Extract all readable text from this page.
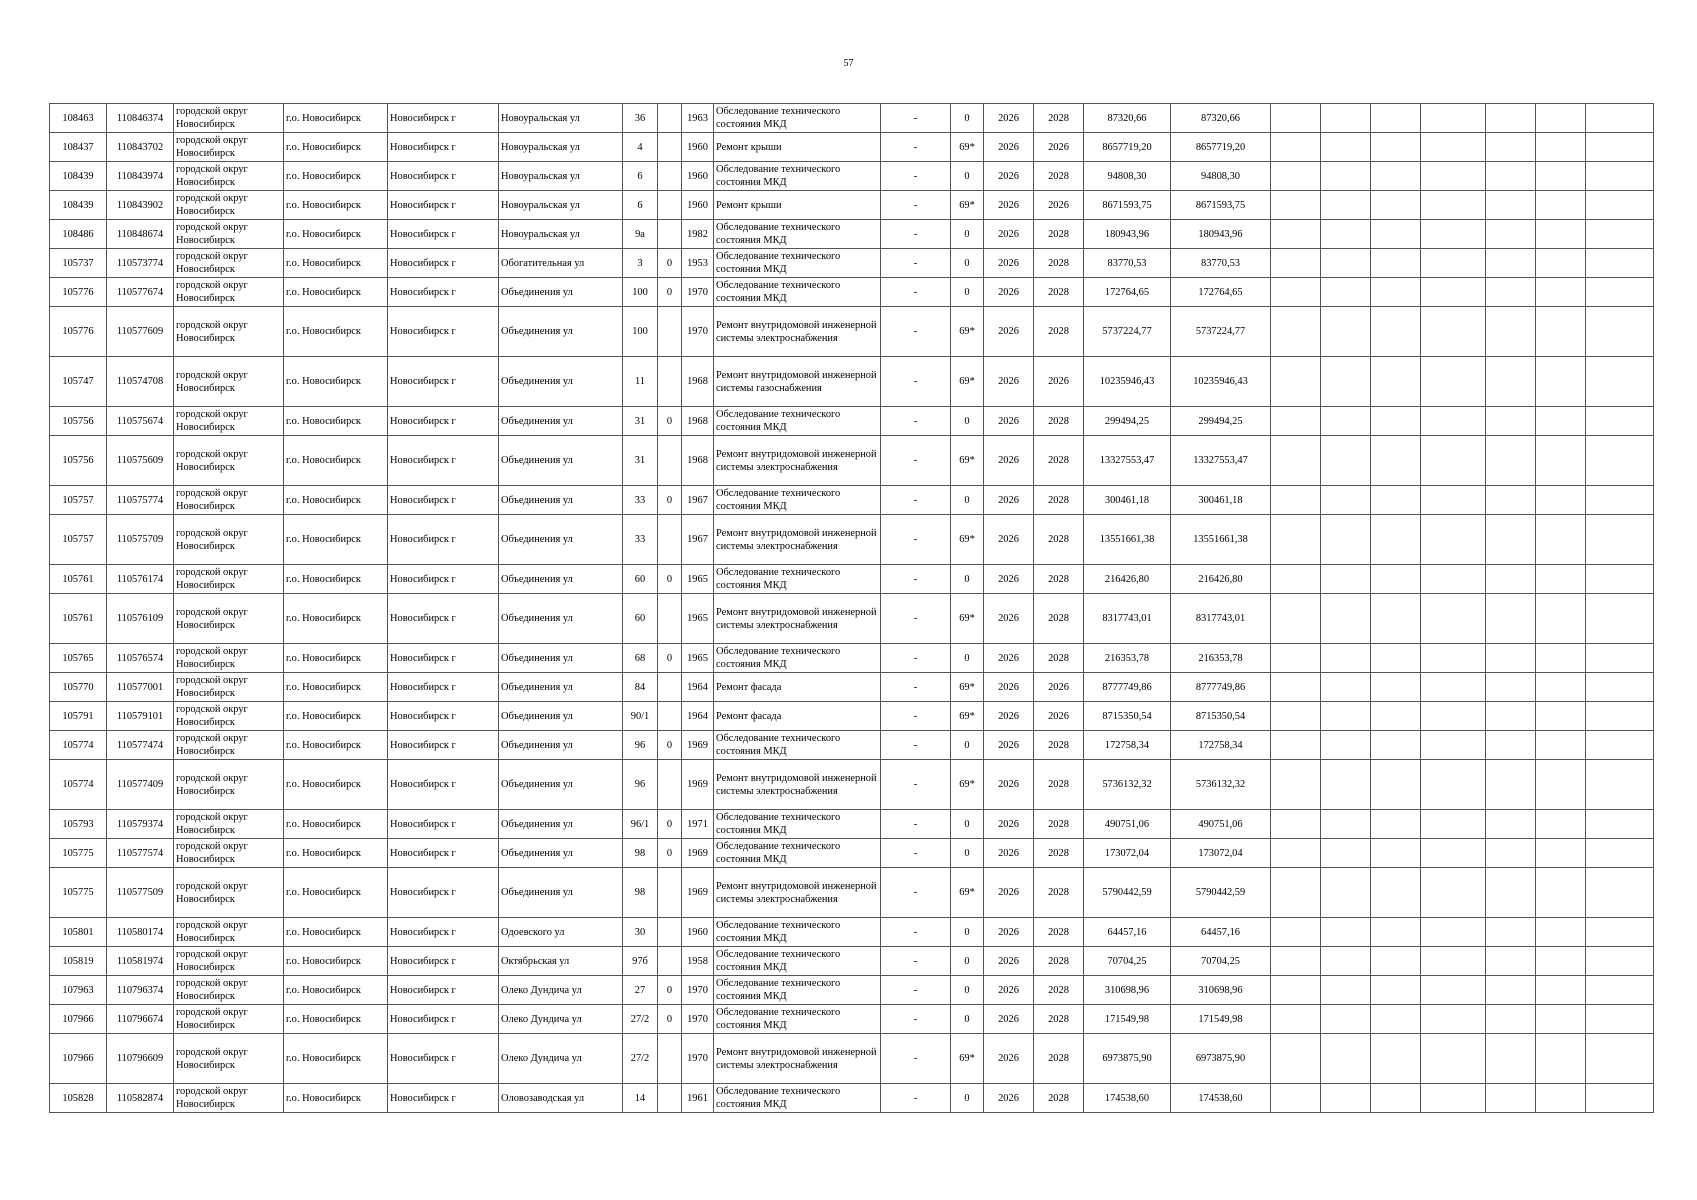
57
108463	110846374	городской округ Новосибирск	г.о. Новосибирск	Новосибирск г	Новоуральская ул	36		1963	Обследование технического состояния МКД	-	0	2026	2028	87320,66	87320,66							
108437	110843702	городской округ Новосибирск	г.о. Новосибирск	Новосибирск г	Новоуральская ул	4		1960	Ремонт крыши	-	69*	2026	2026	8657719,20	8657719,20							
108439	110843974	городской округ Новосибирск	г.о. Новосибирск	Новосибирск г	Новоуральская ул	6		1960	Обследование технического состояния МКД	-	0	2026	2028	94808,30	94808,30							
108439	110843902	городской округ Новосибирск	г.о. Новосибирск	Новосибирск г	Новоуральская ул	6		1960	Ремонт крыши	-	69*	2026	2026	8671593,75	8671593,75							
108486	110848674	городской округ Новосибирск	г.о. Новосибирск	Новосибирск г	Новоуральская ул	9а		1982	Обследование технического состояния МКД	-	0	2026	2028	180943,96	180943,96							
105737	110573774	городской округ Новосибирск	г.о. Новосибирск	Новосибирск г	Обогатительная ул	3	0	1953	Обследование технического состояния МКД	-	0	2026	2028	83770,53	83770,53							
105776	110577674	городской округ Новосибирск	г.о. Новосибирск	Новосибирск г	Объединения ул	100	0	1970	Обследование технического состояния МКД	-	0	2026	2028	172764,65	172764,65							
105776	110577609	городской округ Новосибирск	г.о. Новосибирск	Новосибирск г	Объединения ул	100		1970	Ремонт внутридомовой инженерной системы электроснабжения	-	69*	2026	2028	5737224,77	5737224,77							
105747	110574708	городской округ Новосибирск	г.о. Новосибирск	Новосибирск г	Объединения ул	11		1968	Ремонт внутридомовой инженерной системы газоснабжения	-	69*	2026	2026	10235946,43	10235946,43							
105756	110575674	городской округ Новосибирск	г.о. Новосибирск	Новосибирск г	Объединения ул	31	0	1968	Обследование технического состояния МКД	-	0	2026	2028	299494,25	299494,25							
105756	110575609	городской округ Новосибирск	г.о. Новосибирск	Новосибирск г	Объединения ул	31		1968	Ремонт внутридомовой инженерной системы электроснабжения	-	69*	2026	2028	13327553,47	13327553,47							
105757	110575774	городской округ Новосибирск	г.о. Новосибирск	Новосибирск г	Объединения ул	33	0	1967	Обследование технического состояния МКД	-	0	2026	2028	300461,18	300461,18							
105757	110575709	городской округ Новосибирск	г.о. Новосибирск	Новосибирск г	Объединения ул	33		1967	Ремонт внутридомовой инженерной системы электроснабжения	-	69*	2026	2028	13551661,38	13551661,38							
105761	110576174	городской округ Новосибирск	г.о. Новосибирск	Новосибирск г	Объединения ул	60	0	1965	Обследование технического состояния МКД	-	0	2026	2028	216426,80	216426,80							
105761	110576109	городской округ Новосибирск	г.о. Новосибирск	Новосибирск г	Объединения ул	60		1965	Ремонт внутридомовой инженерной системы электроснабжения	-	69*	2026	2028	8317743,01	8317743,01							
105765	110576574	городской округ Новосибирск	г.о. Новосибирск	Новосибирск г	Объединения ул	68	0	1965	Обследование технического состояния МКД	-	0	2026	2028	216353,78	216353,78							
105770	110577001	городской округ Новосибирск	г.о. Новосибирск	Новосибирск г	Объединения ул	84		1964	Ремонт фасада	-	69*	2026	2026	8777749,86	8777749,86							
105791	110579101	городской округ Новосибирск	г.о. Новосибирск	Новосибирск г	Объединения ул	90/1		1964	Ремонт фасада	-	69*	2026	2026	8715350,54	8715350,54							
105774	110577474	городской округ Новосибирск	г.о. Новосибирск	Новосибирск г	Объединения ул	96	0	1969	Обследование технического состояния МКД	-	0	2026	2028	172758,34	172758,34							
105774	110577409	городской округ Новосибирск	г.о. Новосибирск	Новосибирск г	Объединения ул	96		1969	Ремонт внутридомовой инженерной системы электроснабжения	-	69*	2026	2028	5736132,32	5736132,32							
105793	110579374	городской округ Новосибирск	г.о. Новосибирск	Новосибирск г	Объединения ул	96/1	0	1971	Обследование технического состояния МКД	-	0	2026	2028	490751,06	490751,06							
105775	110577574	городской округ Новосибирск	г.о. Новосибирск	Новосибирск г	Объединения ул	98	0	1969	Обследование технического состояния МКД	-	0	2026	2028	173072,04	173072,04							
105775	110577509	городской округ Новосибирск	г.о. Новосибирск	Новосибирск г	Объединения ул	98		1969	Ремонт внутридомовой инженерной системы электроснабжения	-	69*	2026	2028	5790442,59	5790442,59							
105801	110580174	городской округ Новосибирск	г.о. Новосибирск	Новосибирск г	Одоевского ул	30		1960	Обследование технического состояния МКД	-	0	2026	2028	64457,16	64457,16							
105819	110581974	городской округ Новосибирск	г.о. Новосибирск	Новосибирск г	Октябрьская ул	97б		1958	Обследование технического состояния МКД	-	0	2026	2028	70704,25	70704,25							
107963	110796374	городской округ Новосибирск	г.о. Новосибирск	Новосибирск г	Олеко Дундича ул	27	0	1970	Обследование технического состояния МКД	-	0	2026	2028	310698,96	310698,96							
107966	110796674	городской округ Новосибирск	г.о. Новосибирск	Новосибирск г	Олеко Дундича ул	27/2	0	1970	Обследование технического состояния МКД	-	0	2026	2028	171549,98	171549,98							
107966	110796609	городской округ Новосибирск	г.о. Новосибирск	Новосибирск г	Олеко Дундича ул	27/2		1970	Ремонт внутридомовой инженерной системы электроснабжения	-	69*	2026	2028	6973875,90	6973875,90							
105828	110582874	городской округ Новосибирск	г.о. Новосибирск	Новосибирск г	Оловозаводская ул	14		1961	Обследование технического состояния МКД	-	0	2026	2028	174538,60	174538,60							
